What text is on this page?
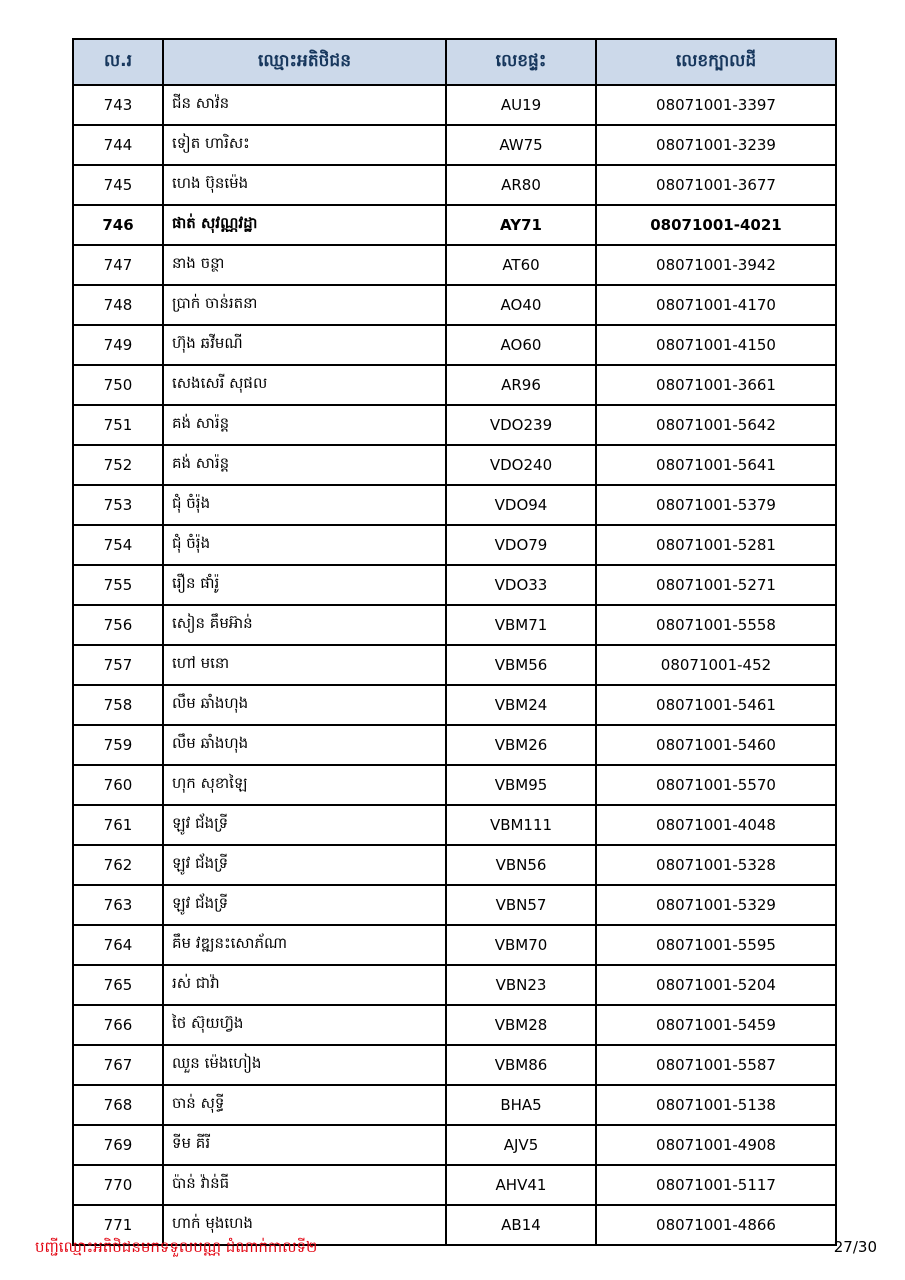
ល.រ	ឈ្មោះអតិថិជន	លេខផ្ទះ	លេខក្បាលដី
743	ជីន សាវ៉ន	AU19	08071001-3397
744	ទៀត ហារិសះ	AW75	08071001-3239
745	ហេង ប៊ុនម៉េង	AR80	08071001-3677
746	ផាត់ សុវណ្ណវដ្ឋា	AY71	08071001-4021
747	នាង ចន្ថា	AT60	08071001-3942
748	ប្រាក់ ចាន់រតនា	AO40	08071001-4170
749	ហ៊ុង ឆវីមណី	AO60	08071001-4150
750	សេងសេរី សុផល	AR96	08071001-3661
751	គង់ សារ៉ន្ត	VDO239	08071001-5642
752	គង់ សារ៉ន្ត	VDO240	08071001-5641
753	ជុំ ចំរ៉ុង	VDO94	08071001-5379
754	ជុំ ចំរ៉ុង	VDO79	08071001-5281
755	រឿន ផាំរ៉ូ	VDO33	08071001-5271
756	សៀន គឹមអ៊ាន់	VBM71	08071001-5558
757	ហៅ មនោ	VBM56	08071001-452
758	លឹម ឆាំងហុង	VBM24	08071001-5461
759	លឹម ឆាំងហុង	VBM26	08071001-5460
760	ហុក សុខាឡៃ	VBM95	08071001-5570
761	ឡូវ ជ័ងទ្រី	VBM111	08071001-4048
762	ឡូវ ជ័ងទ្រី	VBN56	08071001-5328
763	ឡូវ ជ័ងទ្រី	VBN57	08071001-5329
764	គឹម វឌ្ឍនះសោភ័ណា	VBM70	08071001-5595
765	រស់ ជាវ៉ា	VBN23	08071001-5204
766	ថៃ ស៊ុយហ្វ៊ង	VBM28	08071001-5459
767	ឈួន ម៉េងហៀង	VBM86	08071001-5587
768	ចាន់ សុទ្ធី	BHA5	08071001-5138
769	ទីម គីរី	AJV5	08071001-4908
770	ប៉ាន់ វ៉ាន់ធី	AHV41	08071001-5117
771	ហាក់ មុងហេង	AB14	08071001-4866
បញ្ជីឈ្មោះអតិថិជនមកទទួលបណ្ណ ដំណាក់កាលទី២	27/30
